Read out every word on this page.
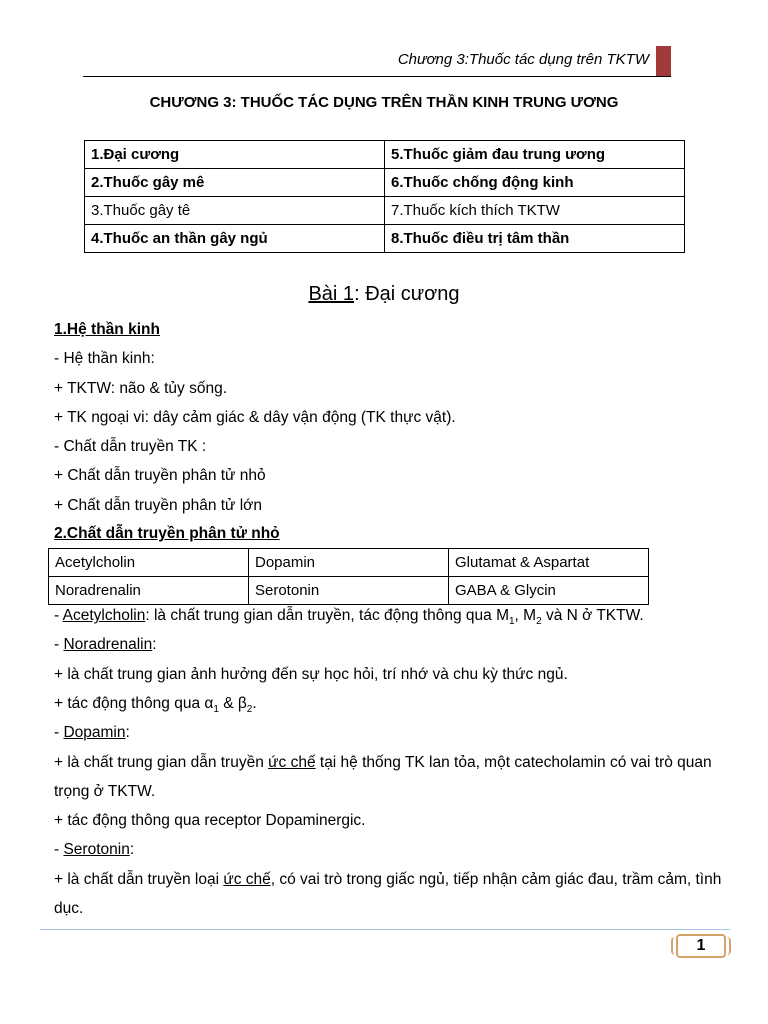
Chương 3:Thuốc tác dụng trên TKTW
CHƯƠNG 3: THUỐC TÁC DỤNG TRÊN THẦN KINH TRUNG ƯƠNG
1.Đại cương	5.Thuốc giảm đau trung ương
2.Thuốc gây mê	6.Thuốc chống động kinh
3.Thuốc gây tê	7.Thuốc kích thích TKTW
4.Thuốc an thần gây ngủ	8.Thuốc điều trị tâm thần
Bài 1: Đại cương
1.Hệ thần kinh
- Hệ thần kinh:
+ TKTW: não & tủy sống.
+ TK ngoại vi: dây cảm giác & dây vận động (TK thực vật).
- Chất dẫn truyền TK :
+ Chất dẫn truyền phân tử nhỏ
+ Chất dẫn truyền phân tử lớn
2.Chất dẫn truyền phân tử nhỏ
Acetylcholin	Dopamin	Glutamat & Aspartat
Noradrenalin	Serotonin	GABA & Glycin
- Acetylcholin: là chất trung gian dẫn truyền, tác động thông qua $M_1$, $M_2$ và N ở TKTW.
- Noradrenalin:
+ là chất trung gian ảnh hưởng đến sự học hỏi, trí nhớ và chu kỳ thức ngủ.
+ tác động thông qua $\alpha_1$ & $\beta_2$.
- Dopamin:
+ là chất trung gian dẫn truyền ức chế tại hệ thống TK lan tỏa, một catecholamin có vai trò quan trọng ở TKTW.
+ tác động thông qua receptor Dopaminergic.
- Serotonin:
+ là chất dẫn truyền loại ức chế, có vai trò trong giấc ngủ, tiếp nhận cảm giác đau, trầm cảm, tình dục.
1
